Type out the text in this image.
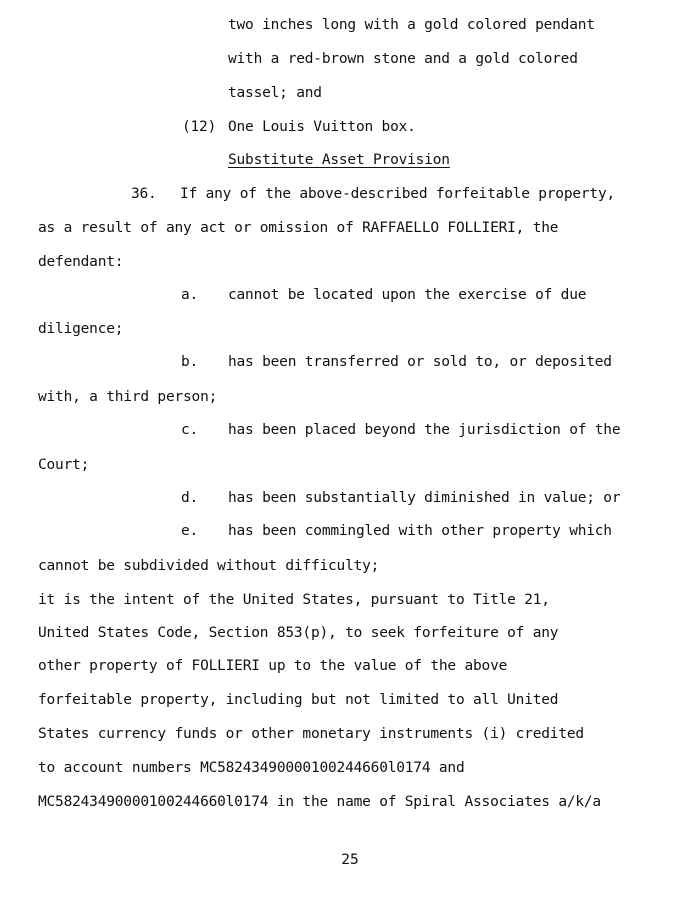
two inches long with a gold colored pendant
with a red-brown stone and a gold colored
tassel; and
(12) One Louis Vuitton box.
Substitute Asset Provision
36. If any of the above-described forfeitable property,
as a result of any act or omission of RAFFAELLO FOLLIERI, the
defendant:
a. cannot be located upon the exercise of due
diligence;
b. has been transferred or sold to, or deposited
with, a third person;
c. has been placed beyond the jurisdiction of the
Court;
d. has been substantially diminished in value; or
e. has been commingled with other property which
cannot be subdivided without difficulty;
it is the intent of the United States, pursuant to Title 21,
United States Code, Section 853(p), to seek forfeiture of any
other property of FOLLIERI up to the value of the above
forfeitable property, including but not limited to all United
States currency funds or other monetary instruments (i) credited
to account numbers MC58243490000100244660l0174 and
MC58243490000100244660l0174 in the name of Spiral Associates a/k/a
25
